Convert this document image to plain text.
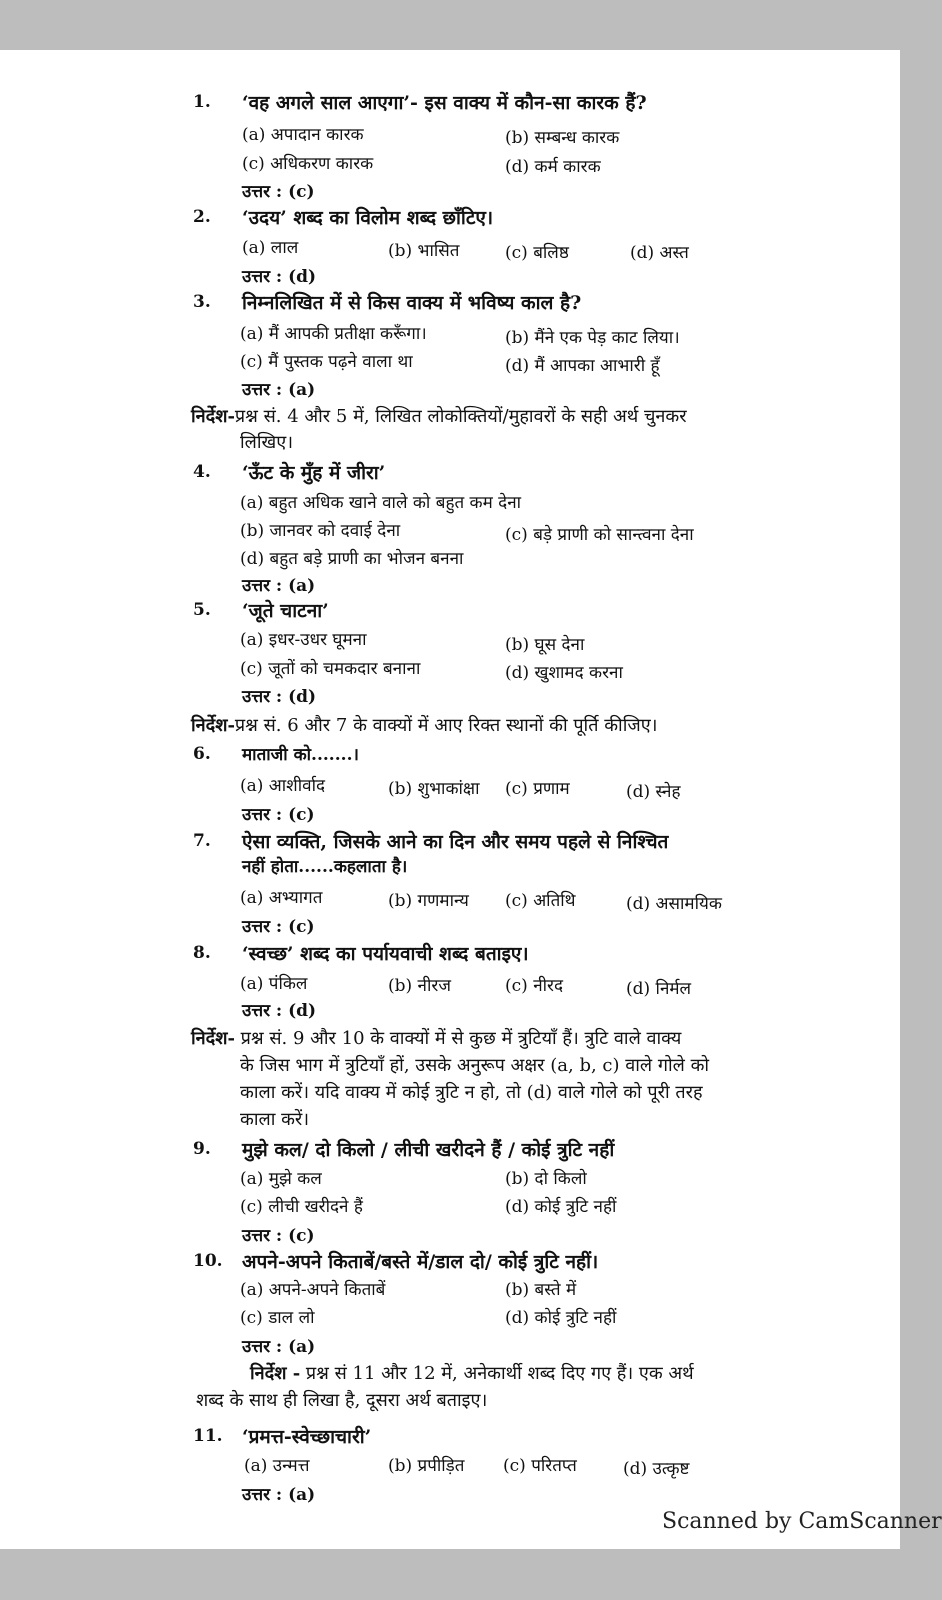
1. ‘वह अगले साल आएगा’- इस वाक्य में कौन-सा कारक हैं?
(a) अपादान कारक	(b) सम्बन्ध कारक
(c) अधिकरण कारक	(d) कर्म कारक
उत्तर : (c)
2. ‘उदय’ शब्द का विलोम शब्द छाँटिए।
(a) लाल	(b) भासित	(c) बलिष्ठ	(d) अस्त
उत्तर : (d)
3. निम्नलिखित में से किस वाक्य में भविष्य काल है?
(a) मैं आपकी प्रतीक्षा करूँगा।	(b) मैंने एक पेड़ काट लिया।
(c) मैं पुस्तक पढ़ने वाला था	(d) मैं आपका आभारी हूँ
उत्तर : (a)
निर्देश-प्रश्न सं. 4 और 5 में, लिखित लोकोक्तियों/मुहावरों के सही अर्थ चुनकर
लिखिए।
4. ‘ऊँट के मुँह में जीरा’
(a) बहुत अधिक खाने वाले को बहुत कम देना
(b) जानवर को दवाई देना	(c) बड़े प्राणी को सान्त्वना देना
(d) बहुत बड़े प्राणी का भोजन बनना
उत्तर : (a)
5. ‘जूते चाटना’
(a) इधर-उधर घूमना	(b) घूस देना
(c) जूतों को चमकदार बनाना	(d) खुशामद करना
उत्तर : (d)
निर्देश-प्रश्न सं. 6 और 7 के वाक्यों में आए रिक्त स्थानों की पूर्ति कीजिए।
6. माताजी को.......।
(a) आशीर्वाद	(b) शुभाकांक्षा (c) प्रणाम	(d) स्नेह
उत्तर : (c)
7. ऐसा व्यक्ति, जिसके आने का दिन और समय पहले से निश्चित
नहीं होता......कहलाता है।
(a) अभ्यागत	(b) गणमान्य (c) अतिथि	(d) असामयिक
उत्तर : (c)
8. ‘स्वच्छ’ शब्द का पर्यायवाची शब्द बताइए।
(a) पंकिल	(b) नीरज	(c) नीरद	(d) निर्मल
उत्तर : (d)
निर्देश- प्रश्न सं. 9 और 10 के वाक्यों में से कुछ में त्रुटियाँ हैं। त्रुटि वाले वाक्य
के जिस भाग में त्रुटियाँ हों, उसके अनुरूप अक्षर (a, b, c) वाले गोले को
काला करें। यदि वाक्य में कोई त्रुटि न हो, तो (d) वाले गोले को पूरी तरह
काला करें।
9. मुझे कल/ दो किलो / लीची खरीदने हैं / कोई त्रुटि नहीं
(a) मुझे कल	(b) दो किलो
(c) लीची खरीदने हैं	(d) कोई त्रुटि नहीं
उत्तर : (c)
10. अपने-अपने किताबें/बस्ते में/डाल दो/ कोई त्रुटि नहीं।
(a) अपने-अपने किताबें	(b) बस्ते में
(c) डाल लो	(d) कोई त्रुटि नहीं
उत्तर : (a)
निर्देश - प्रश्न सं 11 और 12 में, अनेकार्थी शब्द दिए गए हैं। एक अर्थ
शब्द के साथ ही लिखा है, दूसरा अर्थ बताइए।
11. ‘प्रमत्त-स्वेच्छाचारी’
(a) उन्मत्त	(b) प्रपीड़ित (c) परितप्त	(d) उत्कृष्ट
उत्तर : (a)
Scanned by CamScanner
